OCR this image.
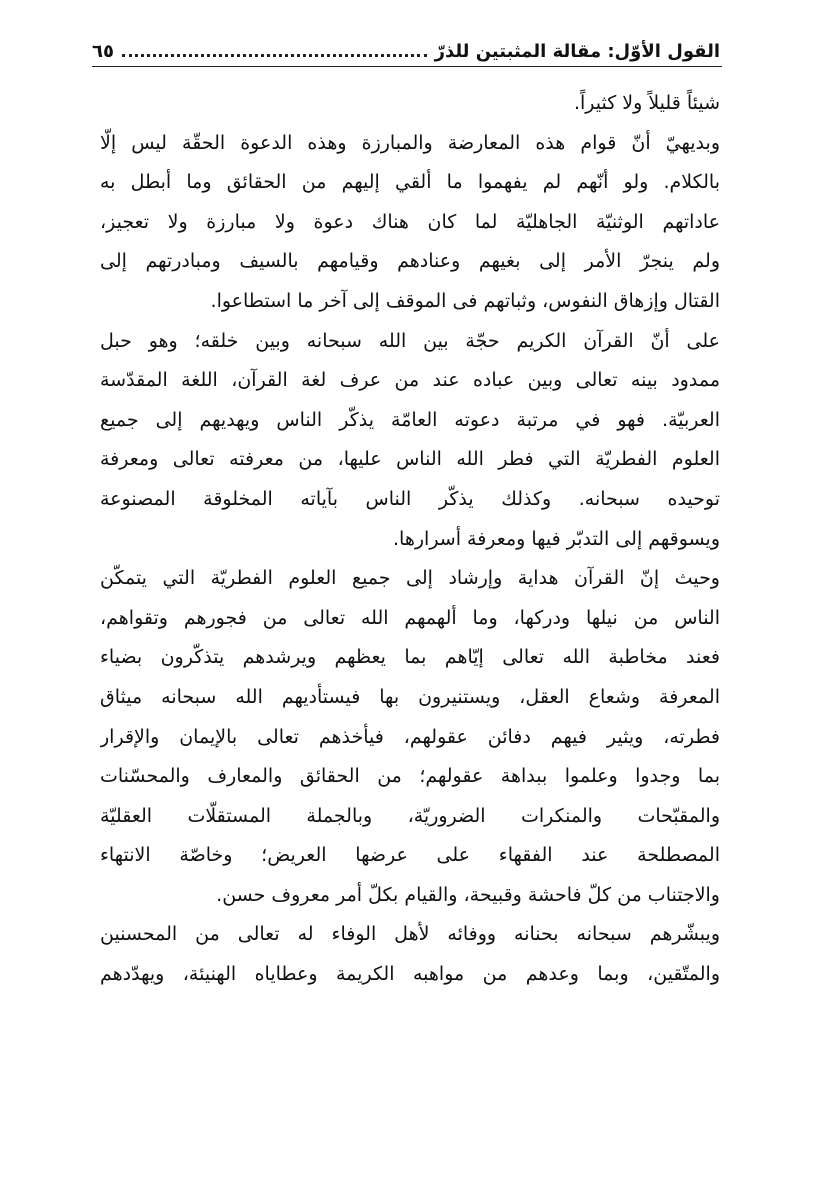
القول الأوّل: مقالة المثبتين للذرّ
٦٥
شيئاً قليلاً ولا كثيراً.
وبديهيّ أنّ قوام هذه المعارضة والمبارزة وهذه الدعوة الحقّة ليس إلّا
بالكلام. ولو أنّهم لم يفهموا ما ألقي إليهم من الحقائق وما أبطل به
عاداتهم الوثنيّة الجاهليّة لما كان هناك دعوة ولا مبارزة ولا تعجيز،
ولم ينجرّ الأمر إلى بغيهم وعنادهم وقيامهم بالسيف ومبادرتهم إلى
القتال وإزهاق النفوس، وثباتهم فى الموقف إلى آخر ما استطاعوا.
على أنّ القرآن الكريم حجّة بين الله سبحانه وبين خلقه؛ وهو حبل
ممدود بينه تعالى وبين عباده عند من عرف لغة القرآن، اللغة المقدّسة
العربيّة. فهو في مرتبة دعوته العامّة يذكّر الناس ويهديهم إلى جميع
العلوم الفطريّة التي فطر الله الناس عليها، من معرفته تعالى ومعرفة
توحيده سبحانه. وكذلك يذكّر الناس بآياته المخلوقة المصنوعة
ويسوقهم إلى التدبّر فيها ومعرفة أسرارها.
وحيث إنّ القرآن هداية وإرشاد إلى جميع العلوم الفطريّة التي يتمكّن
الناس من نيلها ودركها، وما ألهمهم الله تعالى من فجورهم وتقواهم،
فعند مخاطبة الله تعالى إيّاهم بما يعظهم ويرشدهم يتذكّرون بضياء
المعرفة وشعاع العقل، ويستنيرون بها فيستأديهم الله سبحانه ميثاق
فطرته، ويثير فيهم دفائن عقولهم، فيأخذهم تعالى بالإيمان والإقرار
بما وجدوا وعلموا ببداهة عقولهم؛ من الحقائق والمعارف والمحسّنات
والمقبّحات والمنكرات الضروريّة، وبالجملة المستقلّات العقليّة
المصطلحة عند الفقهاء على عرضها العريض؛ وخاصّة الانتهاء
والاجتناب من كلّ فاحشة وقبيحة، والقيام بكلّ أمر معروف حسن.
ويبشّرهم سبحانه بحنانه ووفائه لأهل الوفاء له تعالى من المحسنين
والمتّقين، وبما وعدهم من مواهبه الكريمة وعطاياه الهنيئة، ويهدّدهم
